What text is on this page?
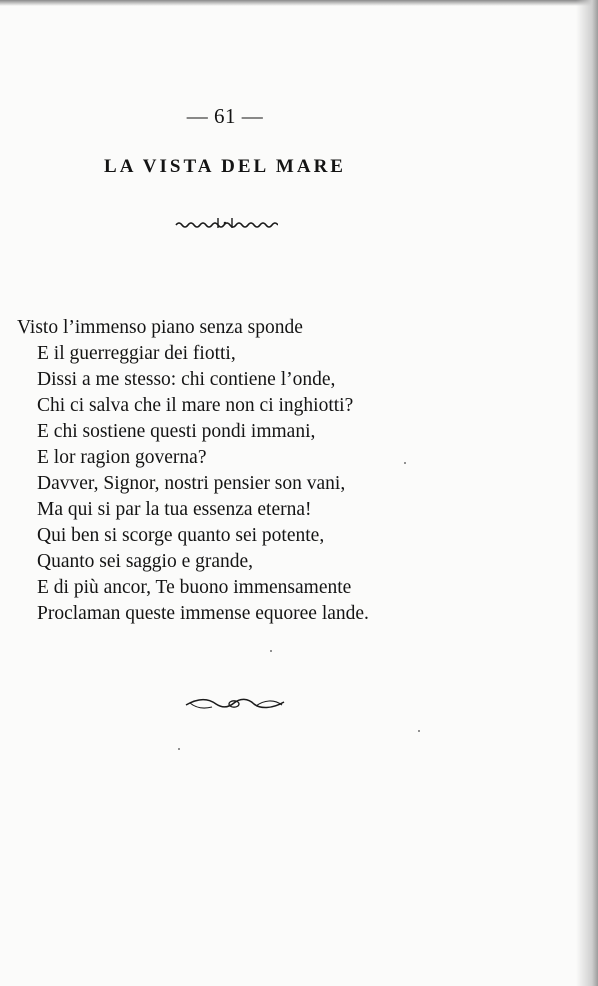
— 61 —
LA VISTA DEL MARE
Visto l’immenso piano senza sponde
E il guerreggiar dei fiotti,
Dissi a me stesso: chi contiene l’onde,
Chi ci salva che il mare non ci inghiotti?
E chi sostiene questi pondi immani,
E lor ragion governa?
Davver, Signor, nostri pensier son vani,
Ma qui si par la tua essenza eterna!
Qui ben si scorge quanto sei potente,
Quanto sei saggio e grande,
E di più ancor, Te buono immensamente
Proclaman queste immense equoree lande.
